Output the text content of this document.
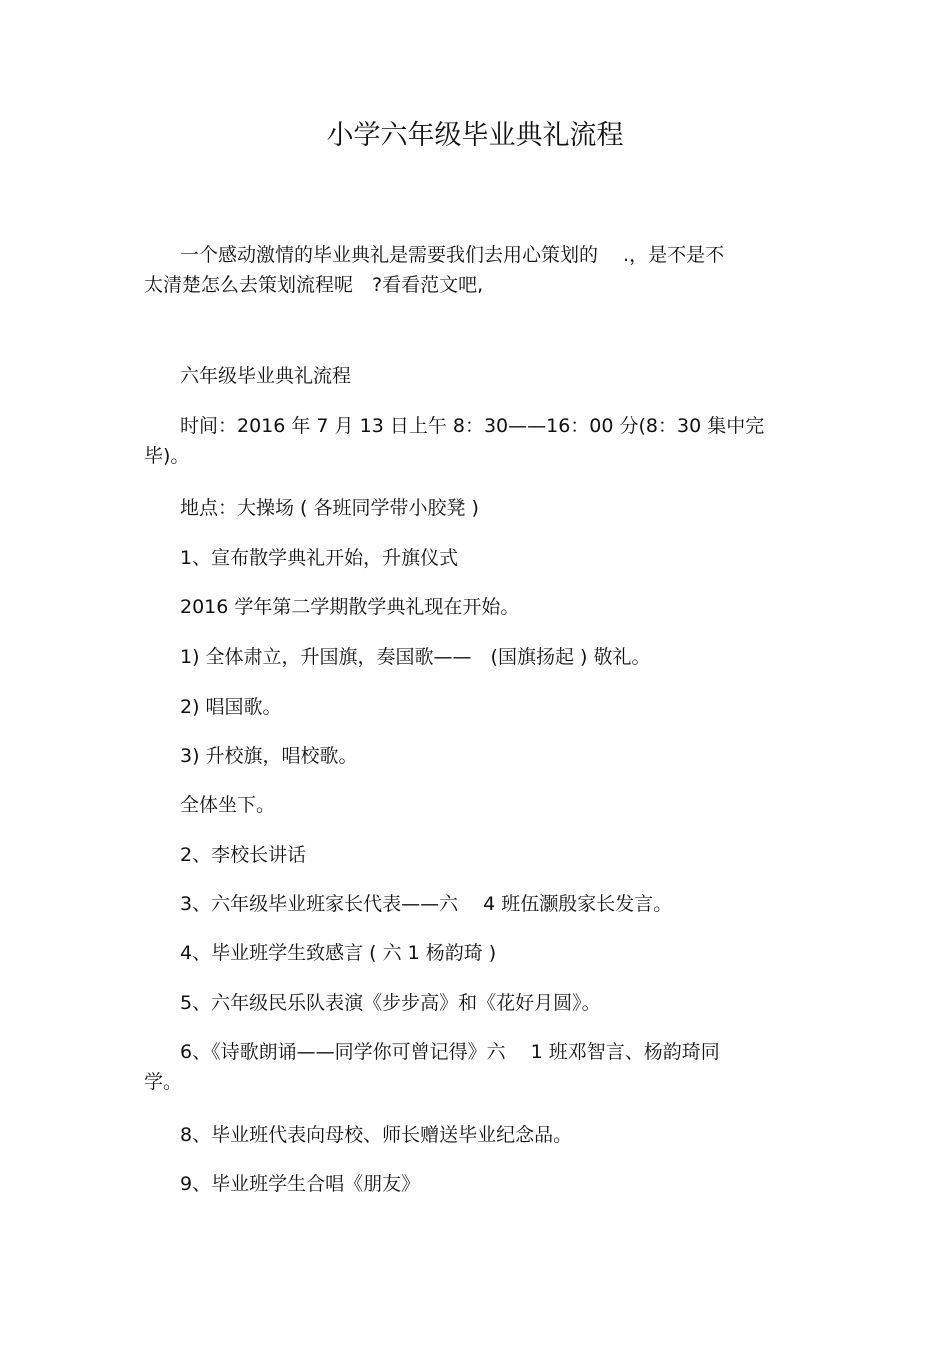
小学六年级毕业典礼流程
一个感动激情的毕业典礼是需要我们去用心策划的　 .，是不是不
太清楚怎么去策划流程呢　?看看范文吧,
六年级毕业典礼流程
时间：2016 年 7 月 13 日上午 8：30——16：00 分(8：30 集中完
毕)。
地点：大操场 ( 各班同学带小胶凳 )
1、宣布散学典礼开始，升旗仪式
2016 学年第二学期散学典礼现在开始。
1) 全体肃立，升国旗，奏国歌——　(国旗扬起 ) 敬礼。
2) 唱国歌。
3) 升校旗，唱校歌。
全体坐下。
2、李校长讲话
3、六年级毕业班家长代表——六　 4 班伍灏殷家长发言。
4、毕业班学生致感言 ( 六 1 杨韵琦 )
5、六年级民乐队表演《步步高》和《花好月圆》。
6、《诗歌朗诵——同学你可曾记得》六　 1 班邓智言、杨韵琦同
学。
8、毕业班代表向母校、师长赠送毕业纪念品。
9、毕业班学生合唱《朋友》
